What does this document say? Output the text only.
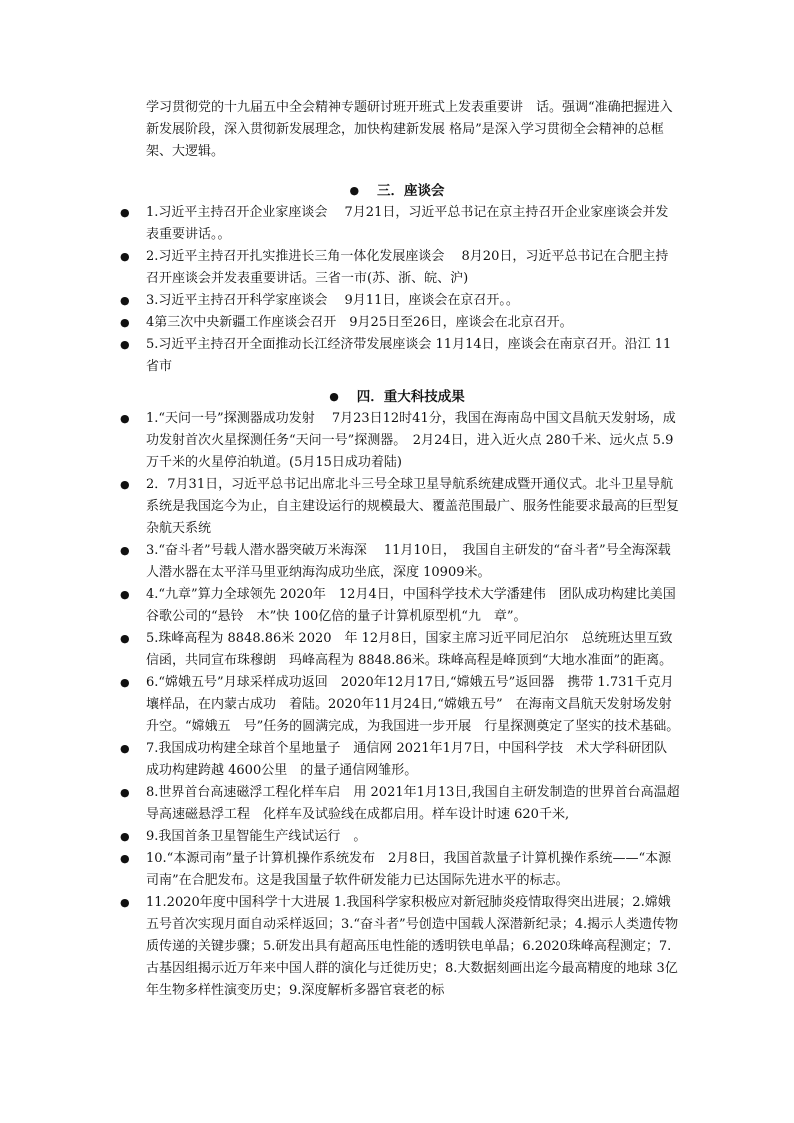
学习贯彻党的十九届五中全会精神专题研讨班开班式上发表重要讲　话。强调“准确把握进入新发展阶段，深入贯彻新发展理念，加快构建新发展 格局”是深入学习贯彻全会精神的总框架、大逻辑。
● 三．座谈会
● 1.习近平主持召开企业家座谈会　 7月21日，习近平总书记在京主持召开企业家座谈会并发表重要讲话。。
● 2.习近平主持召开扎实推进长三角一体化发展座谈会　 8月20日，习近平总书记在合肥主持召开座谈会并发表重要讲话。三省一市(苏、浙、皖、沪)
● 3.习近平主持召开科学家座谈会　 9月11日，座谈会在京召开。。
● 4第三次中央新疆工作座谈会召开　9月25日至26日，座谈会在北京召开。
● 5.习近平主持召开全面推动长江经济带发展座谈会 11月14日，座谈会在南京召开。沿江 11省市
● 四．重大科技成果
● 1.“天问一号”探测器成功发射　 7月23日12时41分，我国在海南岛中国文昌航天发射场，成功发射首次火星探测任务“天问一号”探测器。　2月24日，进入近火点 280千米、远火点 5.9万千米的火星停泊轨道。(5月15日成功着陆)
● 2．7月31日，习近平总书记出席北斗三号全球卫星导航系统建成暨开通仪式。北斗卫星导航系统是我国迄今为止，自主建设运行的规模最大、覆盖范围最广、服务性能要求最高的巨型复杂航天系统
● 3.“奋斗者”号载人潜水器突破万米海深　 11月10日，　我国自主研发的“奋斗者”号全海深载人潜水器在太平洋马里亚纳海沟成功坐底，深度 10909米。
● 4.“九章”算力全球领先 2020年　12月4日，中国科学技术大学潘建伟　团队成功构建比美国谷歌公司的“悬铃　木”快 100亿倍的量子计算机原型机“九　章”。
● 5.珠峰高程为 8848.86米 2020　年 12月8日，国家主席习近平同尼泊尔　总统班达里互致信函，共同宣布珠穆朗　玛峰高程为 8848.86米。珠峰高程是峰顶到“大地水准面”的距离。
● 6.“嫦娥五号”月球采样成功返回　2020年12月17日,“嫦娥五号”返回器　携带 1.731千克月壤样品，在内蒙古成功　着陆。2020年11月24日,“嫦娥五号”　在海南文昌航天发射场发射升空。“嫦娥五　号”任务的圆满完成，为我国进一步开展　行星探测奠定了坚实的技术基础。
● 7.我国成功构建全球首个星地量子　通信网 2021年1月7日，中国科学技　术大学科研团队成功构建跨越 4600公里　的量子通信网雏形。
● 8.世界首台高速磁浮工程化样车启　用 2021年1月13日,我国自主研发制造的世界首台高温超导高速磁悬浮工程　化样车及试验线在成都启用。样车设计时速 620千米,
● 9.我国首条卫星智能生产线试运行　。
● 10.“本源司南”量子计算机操作系统发布　2月8日，我国首款量子计算机操作系统——“本源司南”在合肥发布。这是我国量子软件研发能力已达国际先进水平的标志。
● 11.2020年度中国科学十大进展 1.我国科学家积极应对新冠肺炎疫情取得突出进展；2.嫦娥五号首次实现月面自动采样返回；3.“奋斗者”号创造中国载人深潜新纪录；4.揭示人类遗传物质传递的关键步骤；5.研发出具有超高压电性能的透明铁电单晶；6.2020珠峰高程测定；7.古基因组揭示近万年来中国人群的演化与迁徙历史；8.大数据刻画出迄今最高精度的地球 3亿年生物多样性演变历史；9.深度解析多器官衰老的标
